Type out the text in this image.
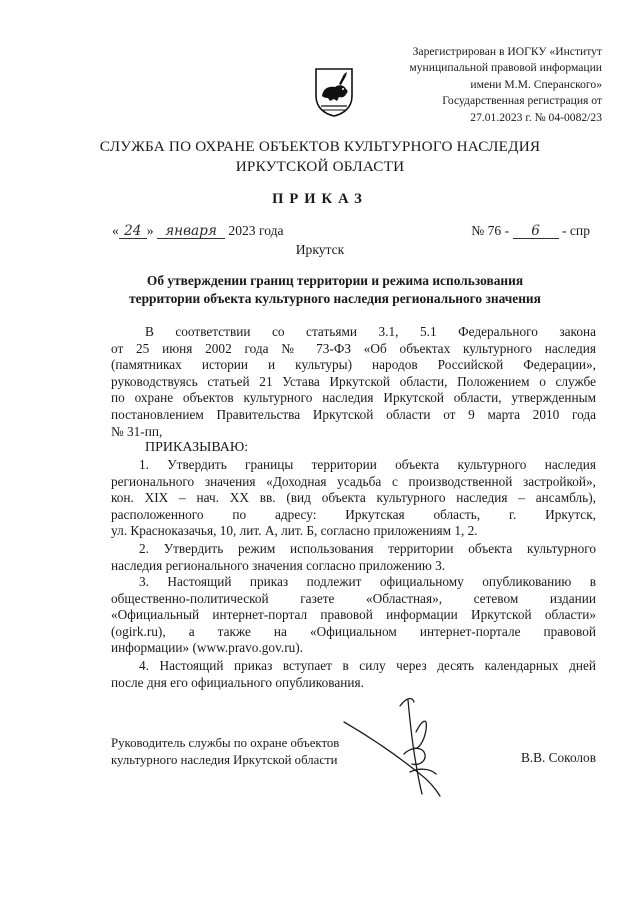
Зарегистрирован в ИОГКУ «Институт
муниципальной правовой информации
имени М.М. Сперанского»
Государственная регистрация от
27.01.2023 г. № 04-0082/23
СЛУЖБА ПО ОХРАНЕ ОБЪЕКТОВ КУЛЬТУРНОГО НАСЛЕДИЯ
ИРКУТСКОЙ ОБЛАСТИ
ПРИКАЗ
« 24 » января 2023 года	№ 76 - 6 - спр
Иркутск
Об утверждении границ территории и режима использования
территории объекта культурного наследия регионального значения
В соответствии со статьями 3.1, 5.1 Федерального закона
от 25 июня 2002 года № 73-ФЗ «Об объектах культурного наследия
(памятниках истории и культуры) народов Российской Федерации»,
руководствуясь статьей 21 Устава Иркутской области, Положением о службе
по охране объектов культурного наследия Иркутской области, утвержденным
постановлением Правительства Иркутской области от 9 марта 2010 года
№ 31-пп,
ПРИКАЗЫВАЮ:
1. Утвердить границы территории объекта культурного наследия
регионального значения «Доходная усадьба с производственной застройкой»,
кон. XIX – нач. XX вв. (вид объекта культурного наследия – ансамбль),
расположенного по адресу: Иркутская область, г. Иркутск,
ул. Красноказачья, 10, лит. А, лит. Б, согласно приложениям 1, 2.
2. Утвердить режим использования территории объекта культурного
наследия регионального значения согласно приложению 3.
3. Настоящий приказ подлежит официальному опубликованию в
общественно-политической газете «Областная», сетевом издании
«Официальный интернет-портал правовой информации Иркутской области»
(ogirk.ru), а также на «Официальном интернет-портале правовой
информации» (www.pravo.gov.ru).
4. Настоящий приказ вступает в силу через десять календарных дней
после дня его официального опубликования.
Руководитель службы по охране объектов
культурного наследия Иркутской области	В.В. Соколов
